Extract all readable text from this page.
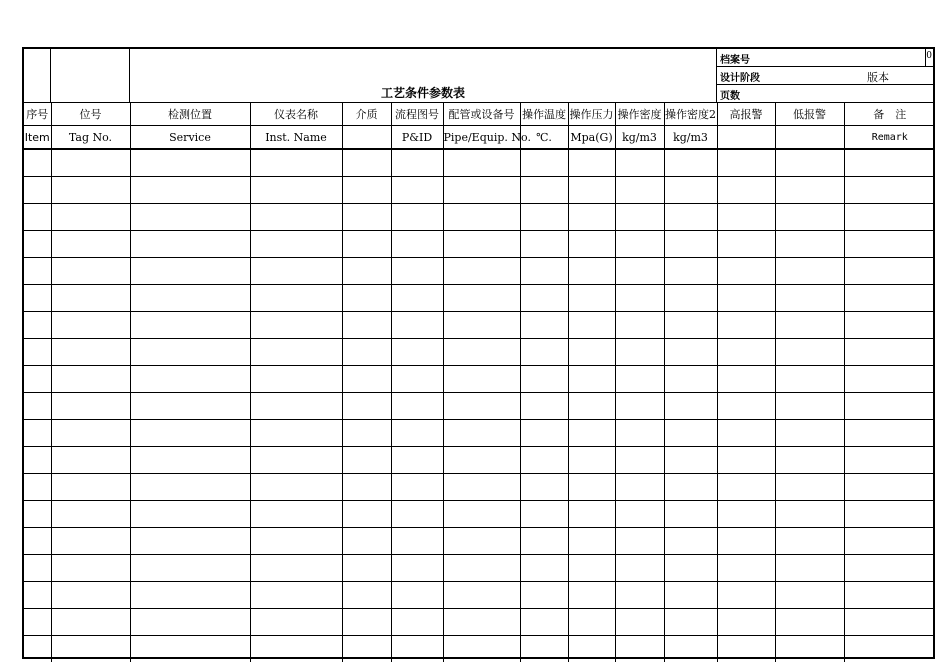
工艺条件参数表
档案号	0
设计阶段	版本
页数
序号	位号	检测位置	仪表名称	介质	流程图号	配管或设备号	操作温度	操作压力	操作密度	操作密度2	高报警	低报警	备　注
Item	Tag No.	Service	Inst. Name		P&ID	Pipe/Equip. No.	℃.	Mpa(G)	kg/m3	kg/m3			Remark
